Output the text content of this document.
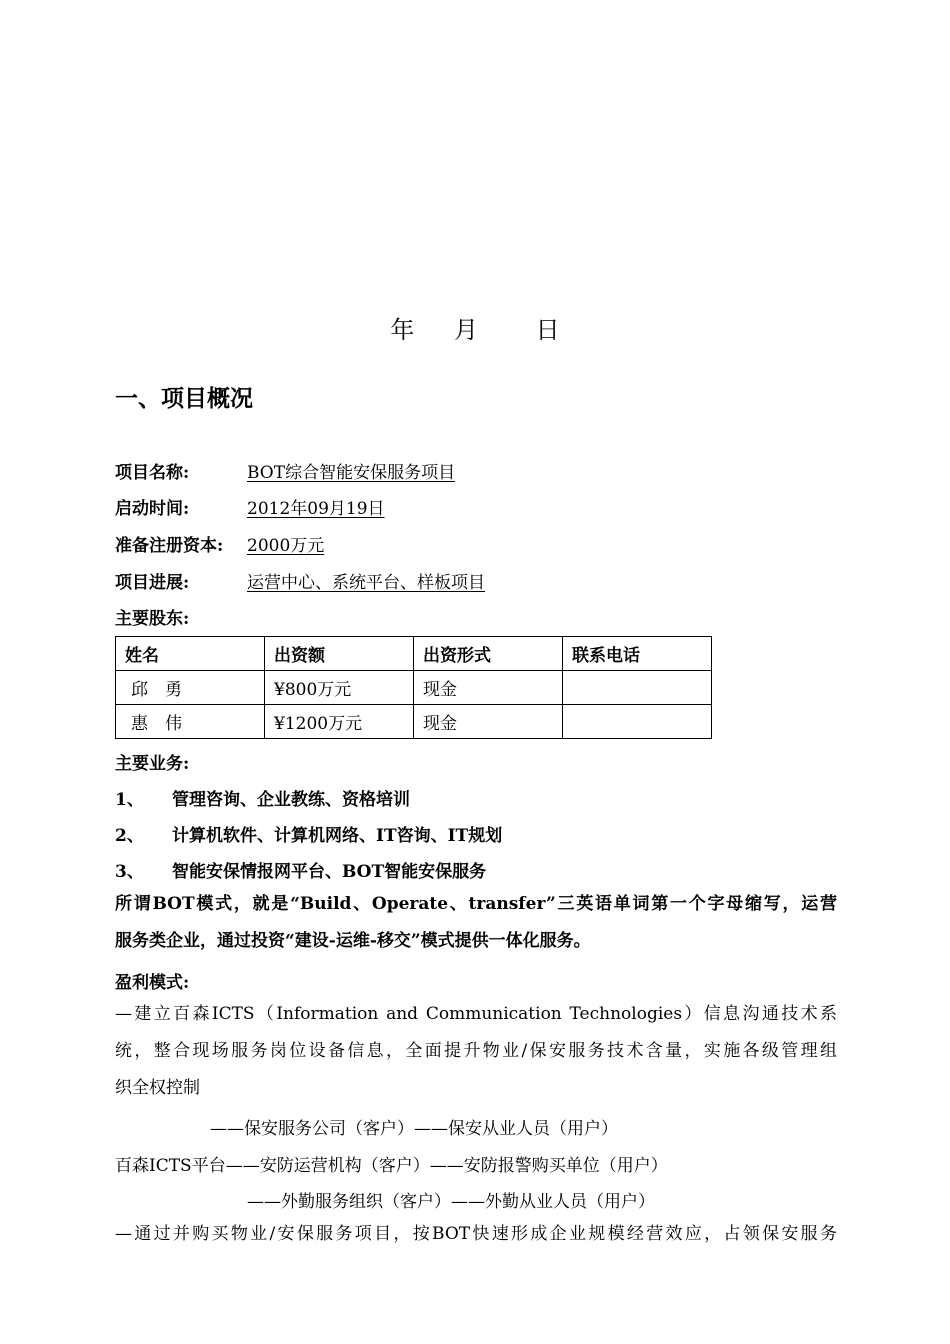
年 月 日
一、项目概况
项目名称:	BOT综合智能安保服务项目
启动时间:	2012年09月19日
准备注册资本: 2000万元
项目进展:	运营中心、系统平台、样板项目
主要股东:
姓名	出资额	出资形式	联系电话
邱　勇	¥800万元	现金	
惠　伟	¥1200万元	现金	
主要业务:
1、 管理咨询、企业教练、资格培训
2、 计算机软件、计算机网络、IT咨询、IT规划
3、 智能安保情报网平台、BOT智能安保服务
所谓BOT模式，就是“Build、Operate、transfer”三英语单词第一个字母缩写，运营
服务类企业，通过投资“建设-运维-移交”模式提供一体化服务。
盈利模式:
—建立百森ICTS（Information and Communication Technologies）信息沟通技术系
统，整合现场服务岗位设备信息，全面提升物业/保安服务技术含量，实施各级管理组
织全权控制
——保安服务公司（客户）——保安从业人员（用户）
百森ICTS平台——安防运营机构（客户）——安防报警购买单位（用户）
——外勤服务组织（客户）——外勤从业人员（用户）
—通过并购买物业/安保服务项目，按BOT快速形成企业规模经营效应，占领保安服务
